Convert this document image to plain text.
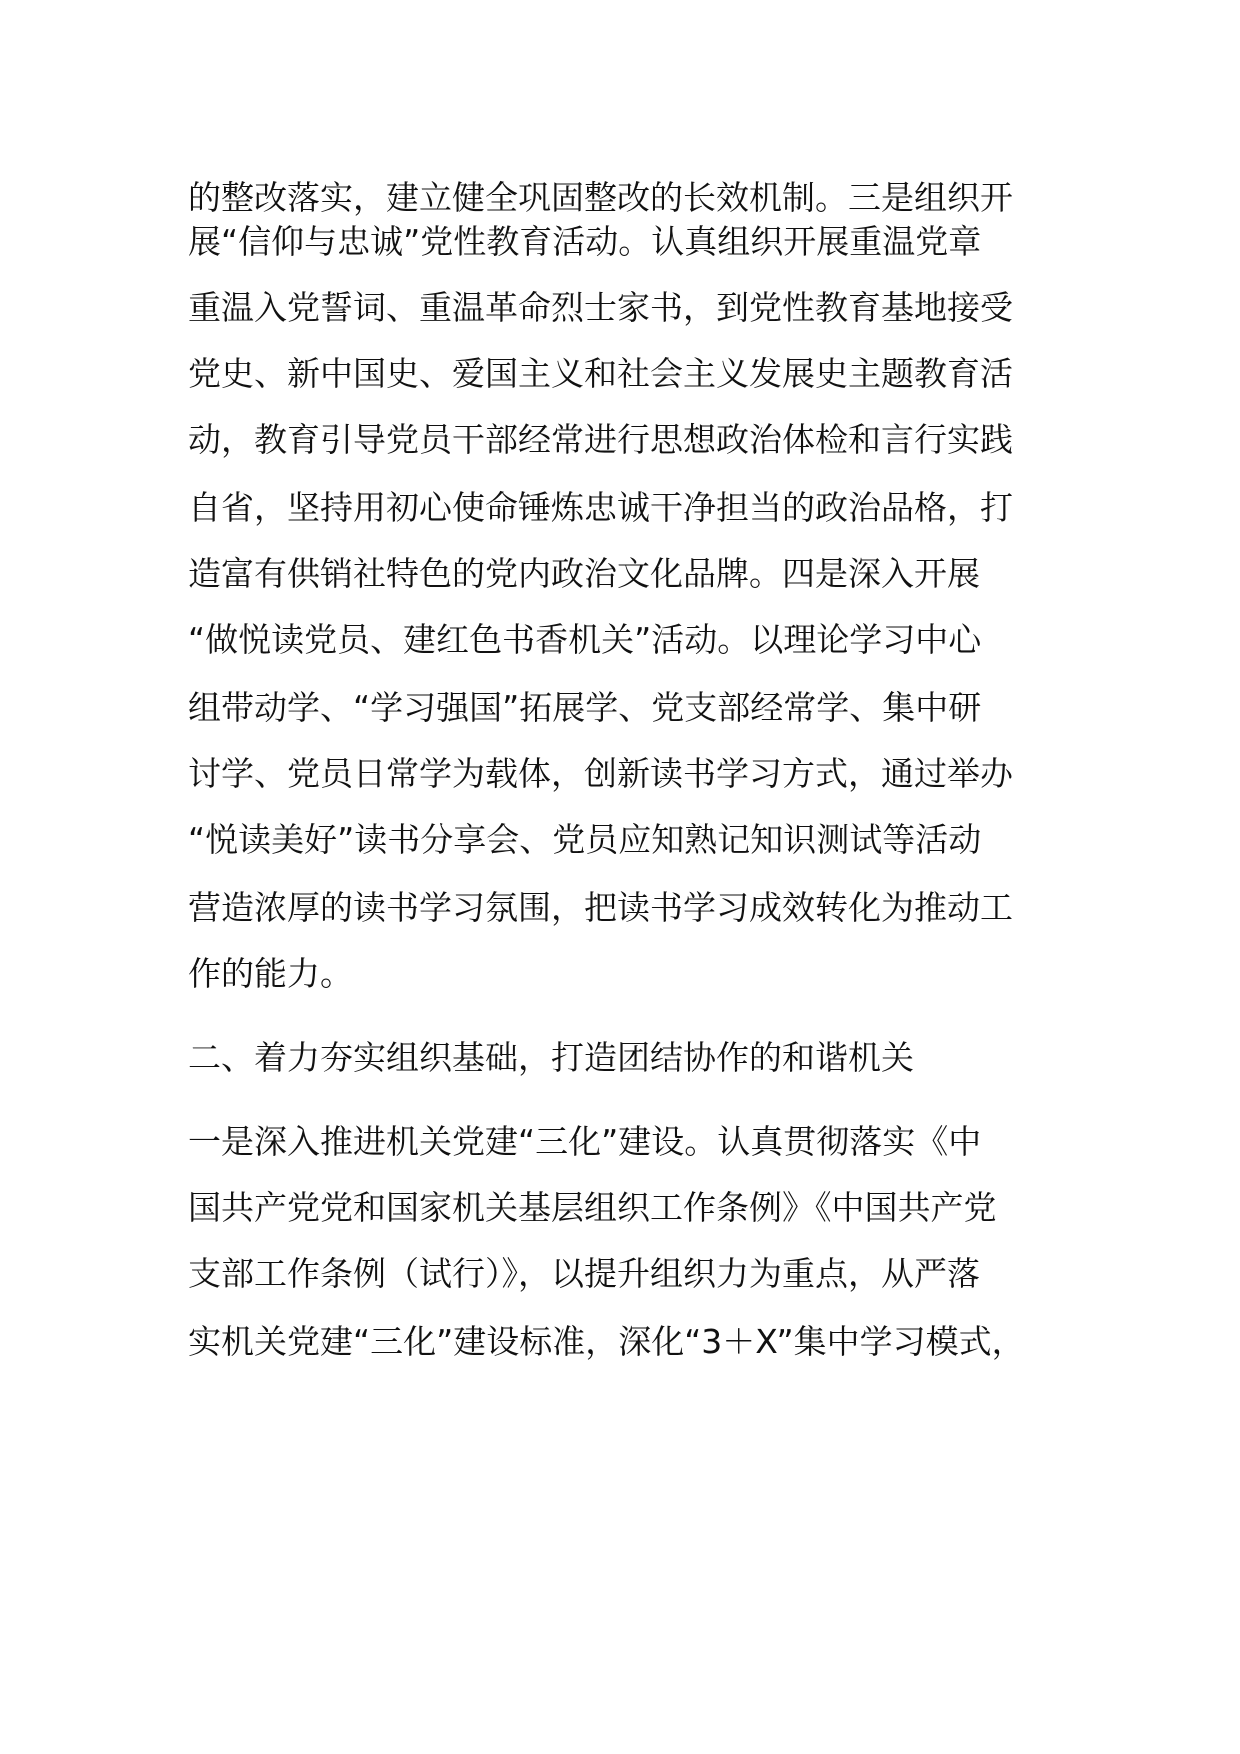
的整改落实，建立健全巩固整改的长效机制。三是组织开
展“信仰与忠诚”党性教育活动。认真组织开展重温党章
重温入党誓词、重温革命烈士家书，到党性教育基地接受
党史、新中国史、爱国主义和社会主义发展史主题教育活
动，教育引导党员干部经常进行思想政治体检和言行实践
自省，坚持用初心使命锤炼忠诚干净担当的政治品格，打
造富有供销社特色的党内政治文化品牌。四是深入开展
“做悦读党员、建红色书香机关”活动。以理论学习中心
组带动学、“学习强国”拓展学、党支部经常学、集中研
讨学、党员日常学为载体，创新读书学习方式，通过举办
“悦读美好”读书分享会、党员应知熟记知识测试等活动
营造浓厚的读书学习氛围，把读书学习成效转化为推动工
作的能力。
二、着力夯实组织基础，打造团结协作的和谐机关
一是深入推进机关党建“三化”建设。认真贯彻落实《中
国共产党党和国家机关基层组织工作条例》《中国共产党
支部工作条例（试行）》，以提升组织力为重点，从严落
实机关党建“三化”建设标准，深化“3＋X”集中学习模式，
